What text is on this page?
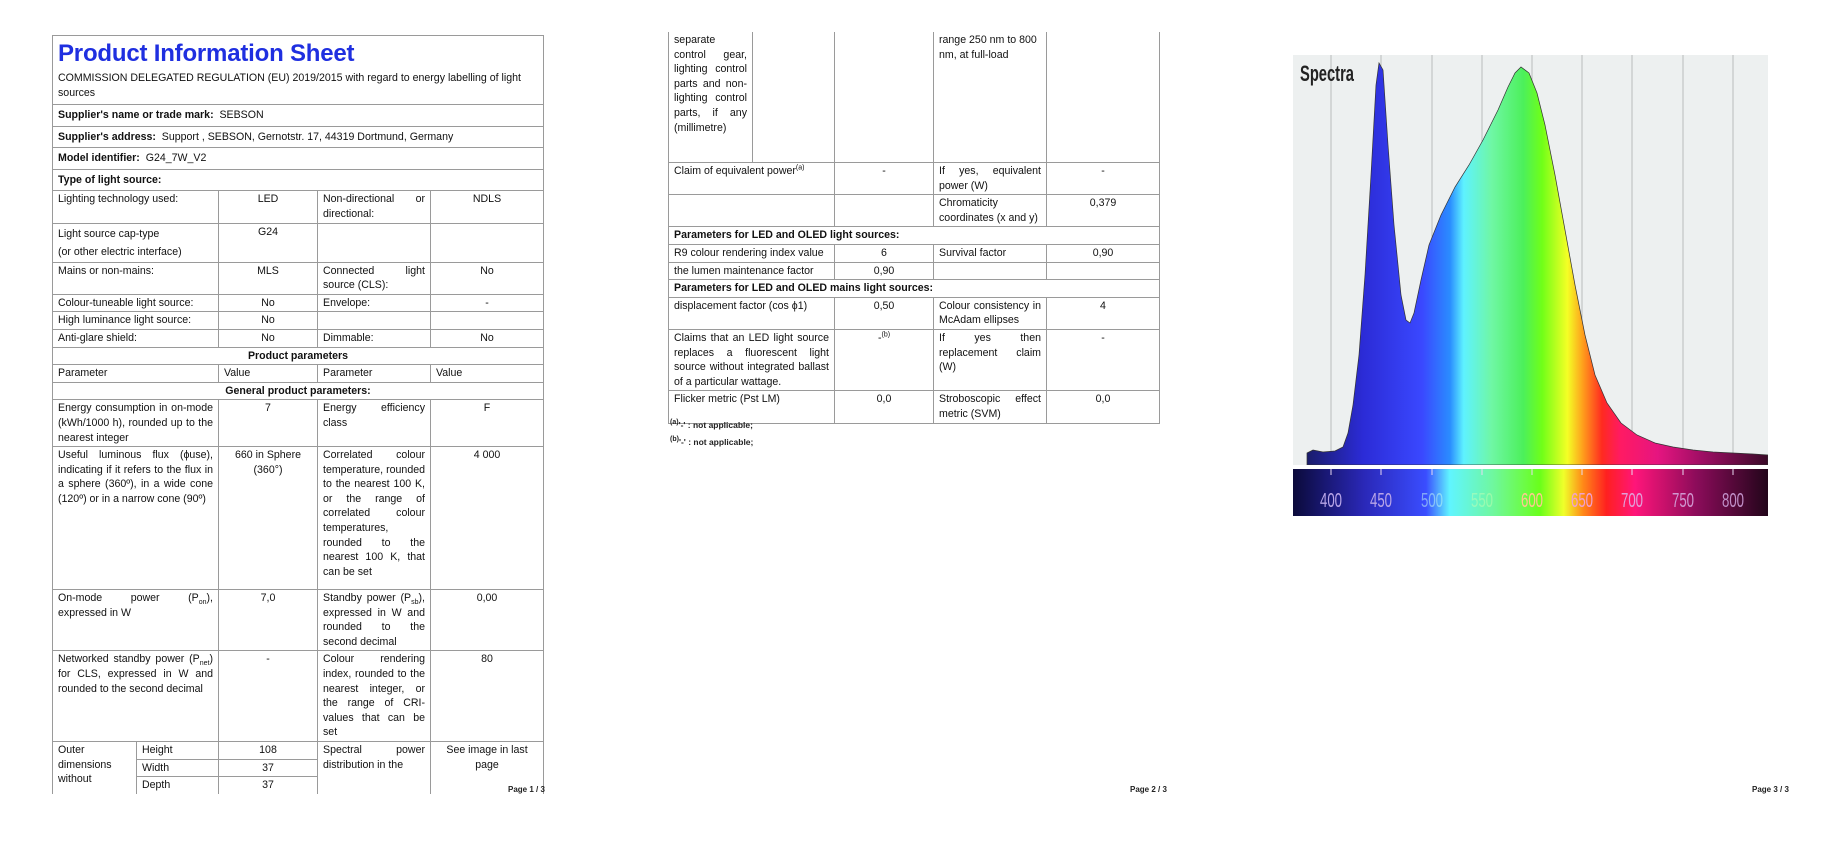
Product Information Sheet
COMMISSION DELEGATED REGULATION (EU) 2019/2015 with regard to energy labelling of light sources				

Supplier's name or trade mark: SEBSON				
Supplier's address: Support , SEBSON, Gernotstr. 17, 44319 Dortmund, Germany				
Model identifier: G24_7W_V2				
Type of light source:				
Lighting technology used:		LED	Non-directional or directional:	NDLS

Light source cap-type
(or other electric interface)		G24		
Mains or non-mains:		MLS	Connected light source (CLS):	No
Colour-tuneable light source:		No	Envelope:	-
High luminance light source:		No		
Anti-glare shield:		No	Dimmable:	No
Product parameters				
Parameter		Value	Parameter	Value
General product parameters:				
Energy consumption in on-mode (kWh/1000 h), rounded up to the nearest integer		7	Energy efficiency class	F
Useful luminous flux (ϕuse), indicating if it refers to the flux in a sphere (360º), in a wide cone (120º) or in a narrow cone (90º)		660 in Sphere (360°)	Correlated colour temperature, rounded to the nearest 100 K, or the range of correlated colour temperatures, rounded to the nearest 100 K, that can be set	4 000
On-mode power $(P_{on})$, expressed in W		7,0	Standby power $(P_{sb})$, expressed in W and rounded to the second decimal	0,00
Networked standby power $(P_{net})$ for CLS, expressed in W and rounded to the second decimal		-	Colour rendering index, rounded to the nearest integer, or the range of CRI-values that can be set	80
Outer dimensions without	Height	108	Spectral power distribution in the	See image in last page
	Width	37		
	Depth	37			Page 1 / 3
separate control gear, lighting control parts and non-lighting control parts, if any (millimetre)			range 250 nm to 800 nm, at full-load	
Claim of equivalent power$^{(a)}$		-	If yes, equivalent power (W)	-
			Chromaticity coordinates (x and y)	0,379
Parameters for LED and OLED light sources:				
R9 colour rendering index value		6	Survival factor	0,90
the lumen maintenance factor		0,90		
Parameters for LED and OLED mains light sources:				
displacement factor (cos ϕ1)		0,50	Colour consistency in McAdam ellipses	4
Claims that an LED light source replaces a fluorescent light source without integrated ballast of a particular wattage.		-$^{(b)}$	If yes then replacement claim (W)	-
Flicker metric (Pst LM)		0,0	Stroboscopic effect metric (SVM)	0,0
$^{(a)}$'-' : not applicable;
$^{(b)}$'-' : not applicable;
Page 2 / 3	Page 3 / 3
400 450 500 550 600 650 700 750 800
Spectra
